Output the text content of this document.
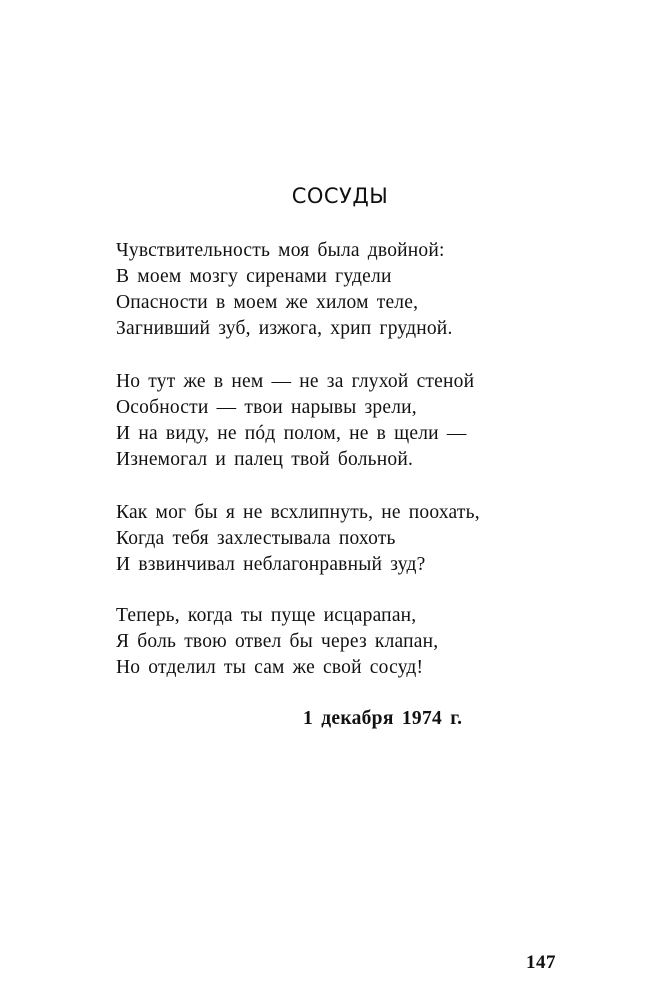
СОСУДЫ
Чувствительность моя была двойной:
В моем мозгу сиренами гудели
Опасности в моем же хилом теле,
Загнивший зуб, изжога, хрип грудной.
Но тут же в нем — не за глухой стеной
Особности — твои нарывы зрели,
И на виду, не пóд полом, не в щели —
Изнемогал и палец твой больной.
Как мог бы я не всхлипнуть, не поохать,
Когда тебя захлестывала похоть
И взвинчивал неблагонравный зуд?
Теперь, когда ты пуще исцарапан,
Я боль твою отвел бы через клапан,
Но отделил ты сам же свой сосуд!
1 декабря 1974 г.
147
